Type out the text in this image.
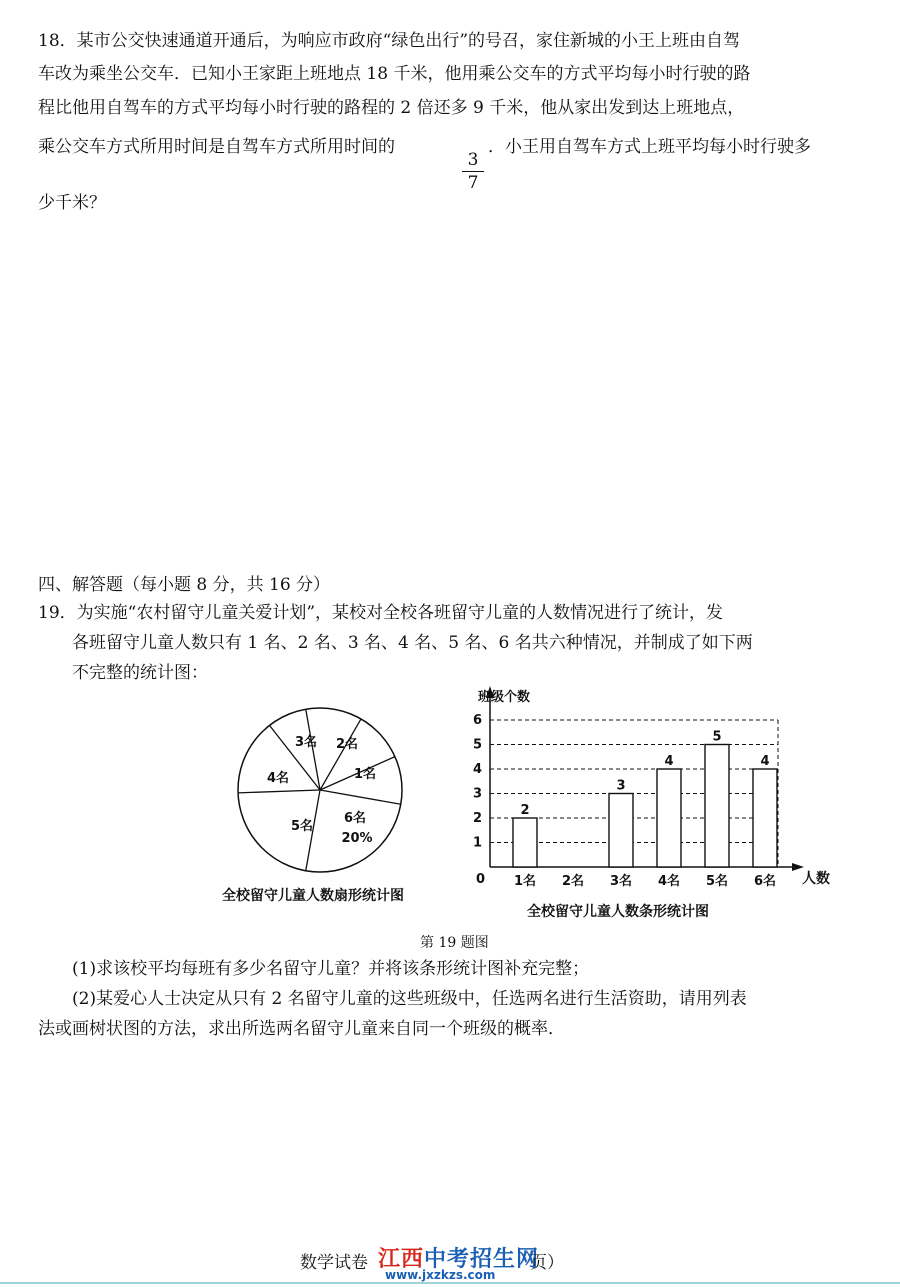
18．某市公交快速通道开通后，为响应市政府“绿色出行”的号召，家住新城的小王上班由自驾
车改为乘坐公交车．已知小王家距上班地点 18 千米，他用乘公交车的方式平均每小时行驶的路
程比他用自驾车的方式平均每小时行驶的路程的 2 倍还多 9 千米，他从家出发到达上班地点，
乘公交车方式所用时间是自驾车方式所用时间的
3
7
．小王用自驾车方式上班平均每小时行驶多
少千米？
四、解答题（每小题 8 分，共 16 分）
19．为实施“农村留守儿童关爱计划”，某校对全校各班留守儿童的人数情况进行了统计，发
各班留守儿童人数只有 1 名、2 名、3 名、4 名、5 名、6 名共六种情况，并制成了如下两
不完整的统计图：
1名
2名
3名
4名
5名
6名
20%
全校留守儿童人数扇形统计图
1
2
3
4
5
6
班级个数
人数
0 1名
2
2名 3名
3
4名
4
5名
5
6名
4
全校留守儿童人数条形统计图
第 19 题图
(1)求该校平均每班有多少名留守儿童？并将该条形统计图补充完整；
(2)某爱心人士决定从只有 2 名留守儿童的这些班级中，任选两名进行生活资助，请用列表
法或画树状图的方法，求出所选两名留守儿童来自同一个班级的概率．
数学试卷 江西中考招生网
www.jxzkzs.com
页）
